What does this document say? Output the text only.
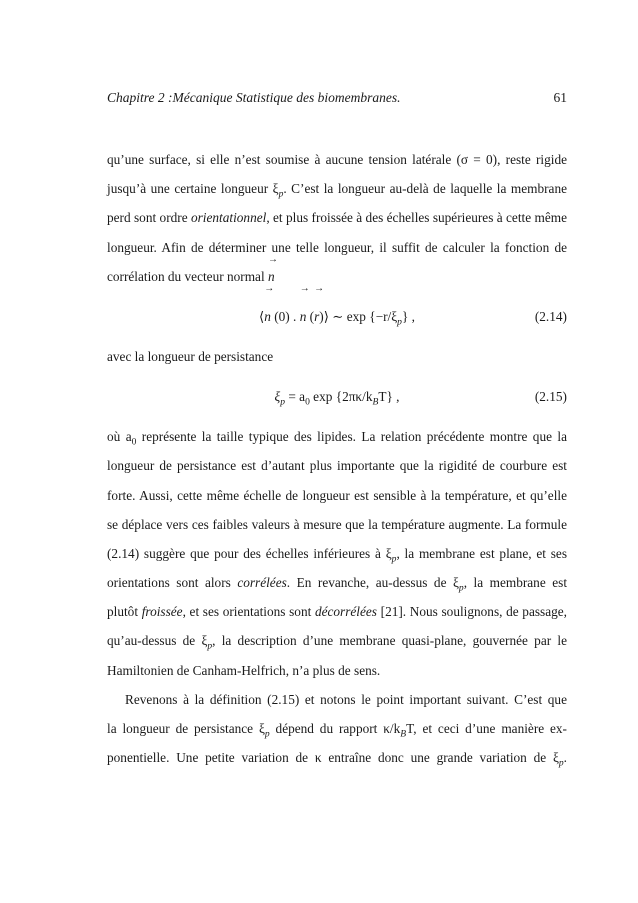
Chapitre 2 :Mécanique Statistique des biomembranes.	61

qu’une surface, si elle n’est soumise à aucune tension latérale (σ = 0), reste rigide
jusqu’à une certaine longueur $\xi_p$. C’est la longueur au-delà de laquelle la membrane
perd sont ordre orientationnel, et plus froissée à des échelles supérieures à cette même
longueur. Afin de déterminer une telle longueur, il suffit de calculer la fonction de
corrélation du vecteur normal → n

⟨→ n (0) . → n (→ r)⟩ ∼ $\exp \{-r/\xi_p\}$ ,	(2.14)

avec la longueur de persistance

$\xi_p = a_0$ $\exp \{2\pi\kappa/k_BT\}$ ,	(2.15)

où $a_0$ représente la taille typique des lipides. La relation précédente montre que la
longueur de persistance est d’autant plus importante que la rigidité de courbure est
forte. Aussi, cette même échelle de longueur est sensible à la température, et qu’elle
se déplace vers ces faibles valeurs à mesure que la température augmente. La formule
(2.14) suggère que pour des échelles inférieures à $\xi_p$, la membrane est plane, et ses
orientations sont alors corrélées. En revanche, au-dessus de $\xi_p$, la membrane est
plutôt froissée, et ses orientations sont décorrélées [21]. Nous soulignons, de passage,
qu’au-dessus de $\xi_p$, la description d’une membrane quasi-plane, gouvernée par le
Hamiltonien de Canham-Helfrich, n’a plus de sens.

Revenons à la définition (2.15) et notons le point important suivant. C’est que
la longueur de persistance $\xi_p$ dépend du rapport $\kappa/k_BT$, et ceci d’une manière ex-
ponentielle. Une petite variation de κ entraîne donc une grande variation de $\xi_p$.
